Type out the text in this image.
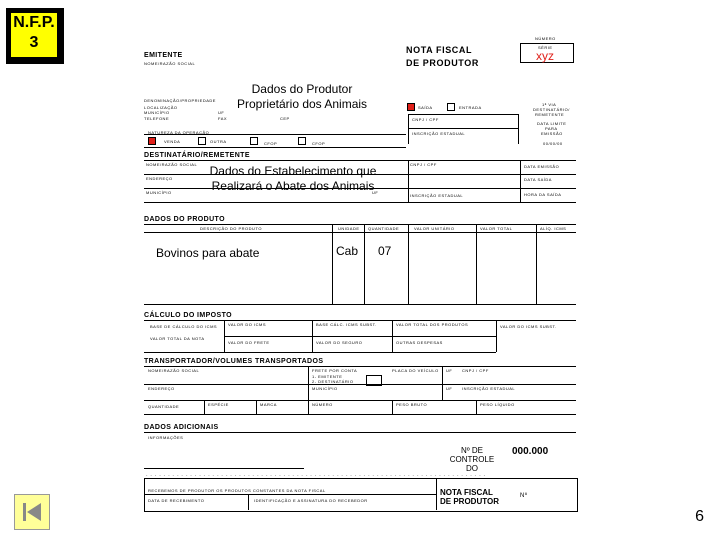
N.F.P.
3
EMITENTE
NOME/RAZÃO SOCIAL
NOTA FISCAL
DE PRODUTOR
NÚMERO
SÉRIE
xyz
DENOMINAÇÃO/PROPRIEDADE
LOCALIZAÇÃO
MUNICÍPIO
TELEFONE
UF
FAX	CEP
Dados do Produtor
Proprietário dos Animais	SAÍDA	ENTRADA
CNPJ / CPF
INSCRIÇÃO ESTADUAL
1ª VIA
DESTINATÁRIO/
REMETENTE
DATA LIMITE
PARA
EMISSÃO
00/00/00
NATUREZA DA OPERAÇÃO
VENDA	OUTRA	CFOP	CFOP
DESTINATÁRIO/REMETENTE
NOME/RAZÃO SOCIAL
ENDEREÇO
MUNICÍPIO
CNPJ / CPF
UF
INSCRIÇÃO ESTADUAL
DATA EMISSÃO
DATA SAÍDA
HORA DA SAÍDA
Dados do Estabelecimento que
Realizará o Abate dos Animais
DADOS DO PRODUTO
DESCRIÇÃO DO PRODUTO	UNIDADE QUANTIDADE	VALOR UNITÁRIO	VALOR TOTAL	ALÍQ. ICMS
Bovinos para abate	Cab 07
CÁLCULO DO IMPOSTO
BASE DE CÁLCULO DO ICMS	VALOR DO ICMS	BASE CÁLC. ICMS SUBST.	VALOR TOTAL DOS PRODUTOS	VALOR DO ICMS SUBST.
VALOR DO FRETE	VALOR DO SEGURO	OUTRAS DESPESAS
VALOR TOTAL DA NOTA
TRANSPORTADOR/VOLUMES TRANSPORTADOS
NOME/RAZÃO SOCIAL	FRETE POR CONTA
1- EMITENTE
2- DESTINATÁRIO
PLACA DO VEÍCULO UF CNPJ / CPF
ENDEREÇO	MUNICÍPIO	UF INSCRIÇÃO ESTADUAL
QUANTIDADE	ESPÉCIE	MARCA	NÚMERO	PESO BRUTO	PESO LÍQUIDO
DADOS ADICIONAIS
INFORMAÇÕES
Nº DE
CONTROLE
DO
000.000
- - - - - - - - - - - - - - - - - - - - - - - - - - - - - - - - - - - - - - - - - - - - - - - - - - - - - - - - - - - - - - - - - - - - - - - - - - - - -
RECEBEMOS DE PRODUTOR OS PRODUTOS CONSTANTES DA NOTA FISCAL
DATA DE RECEBIMENTO	IDENTIFICAÇÃO E ASSINATURA DO RECEBEDOR
NOTA FISCAL
DE PRODUTOR
Nº
6
